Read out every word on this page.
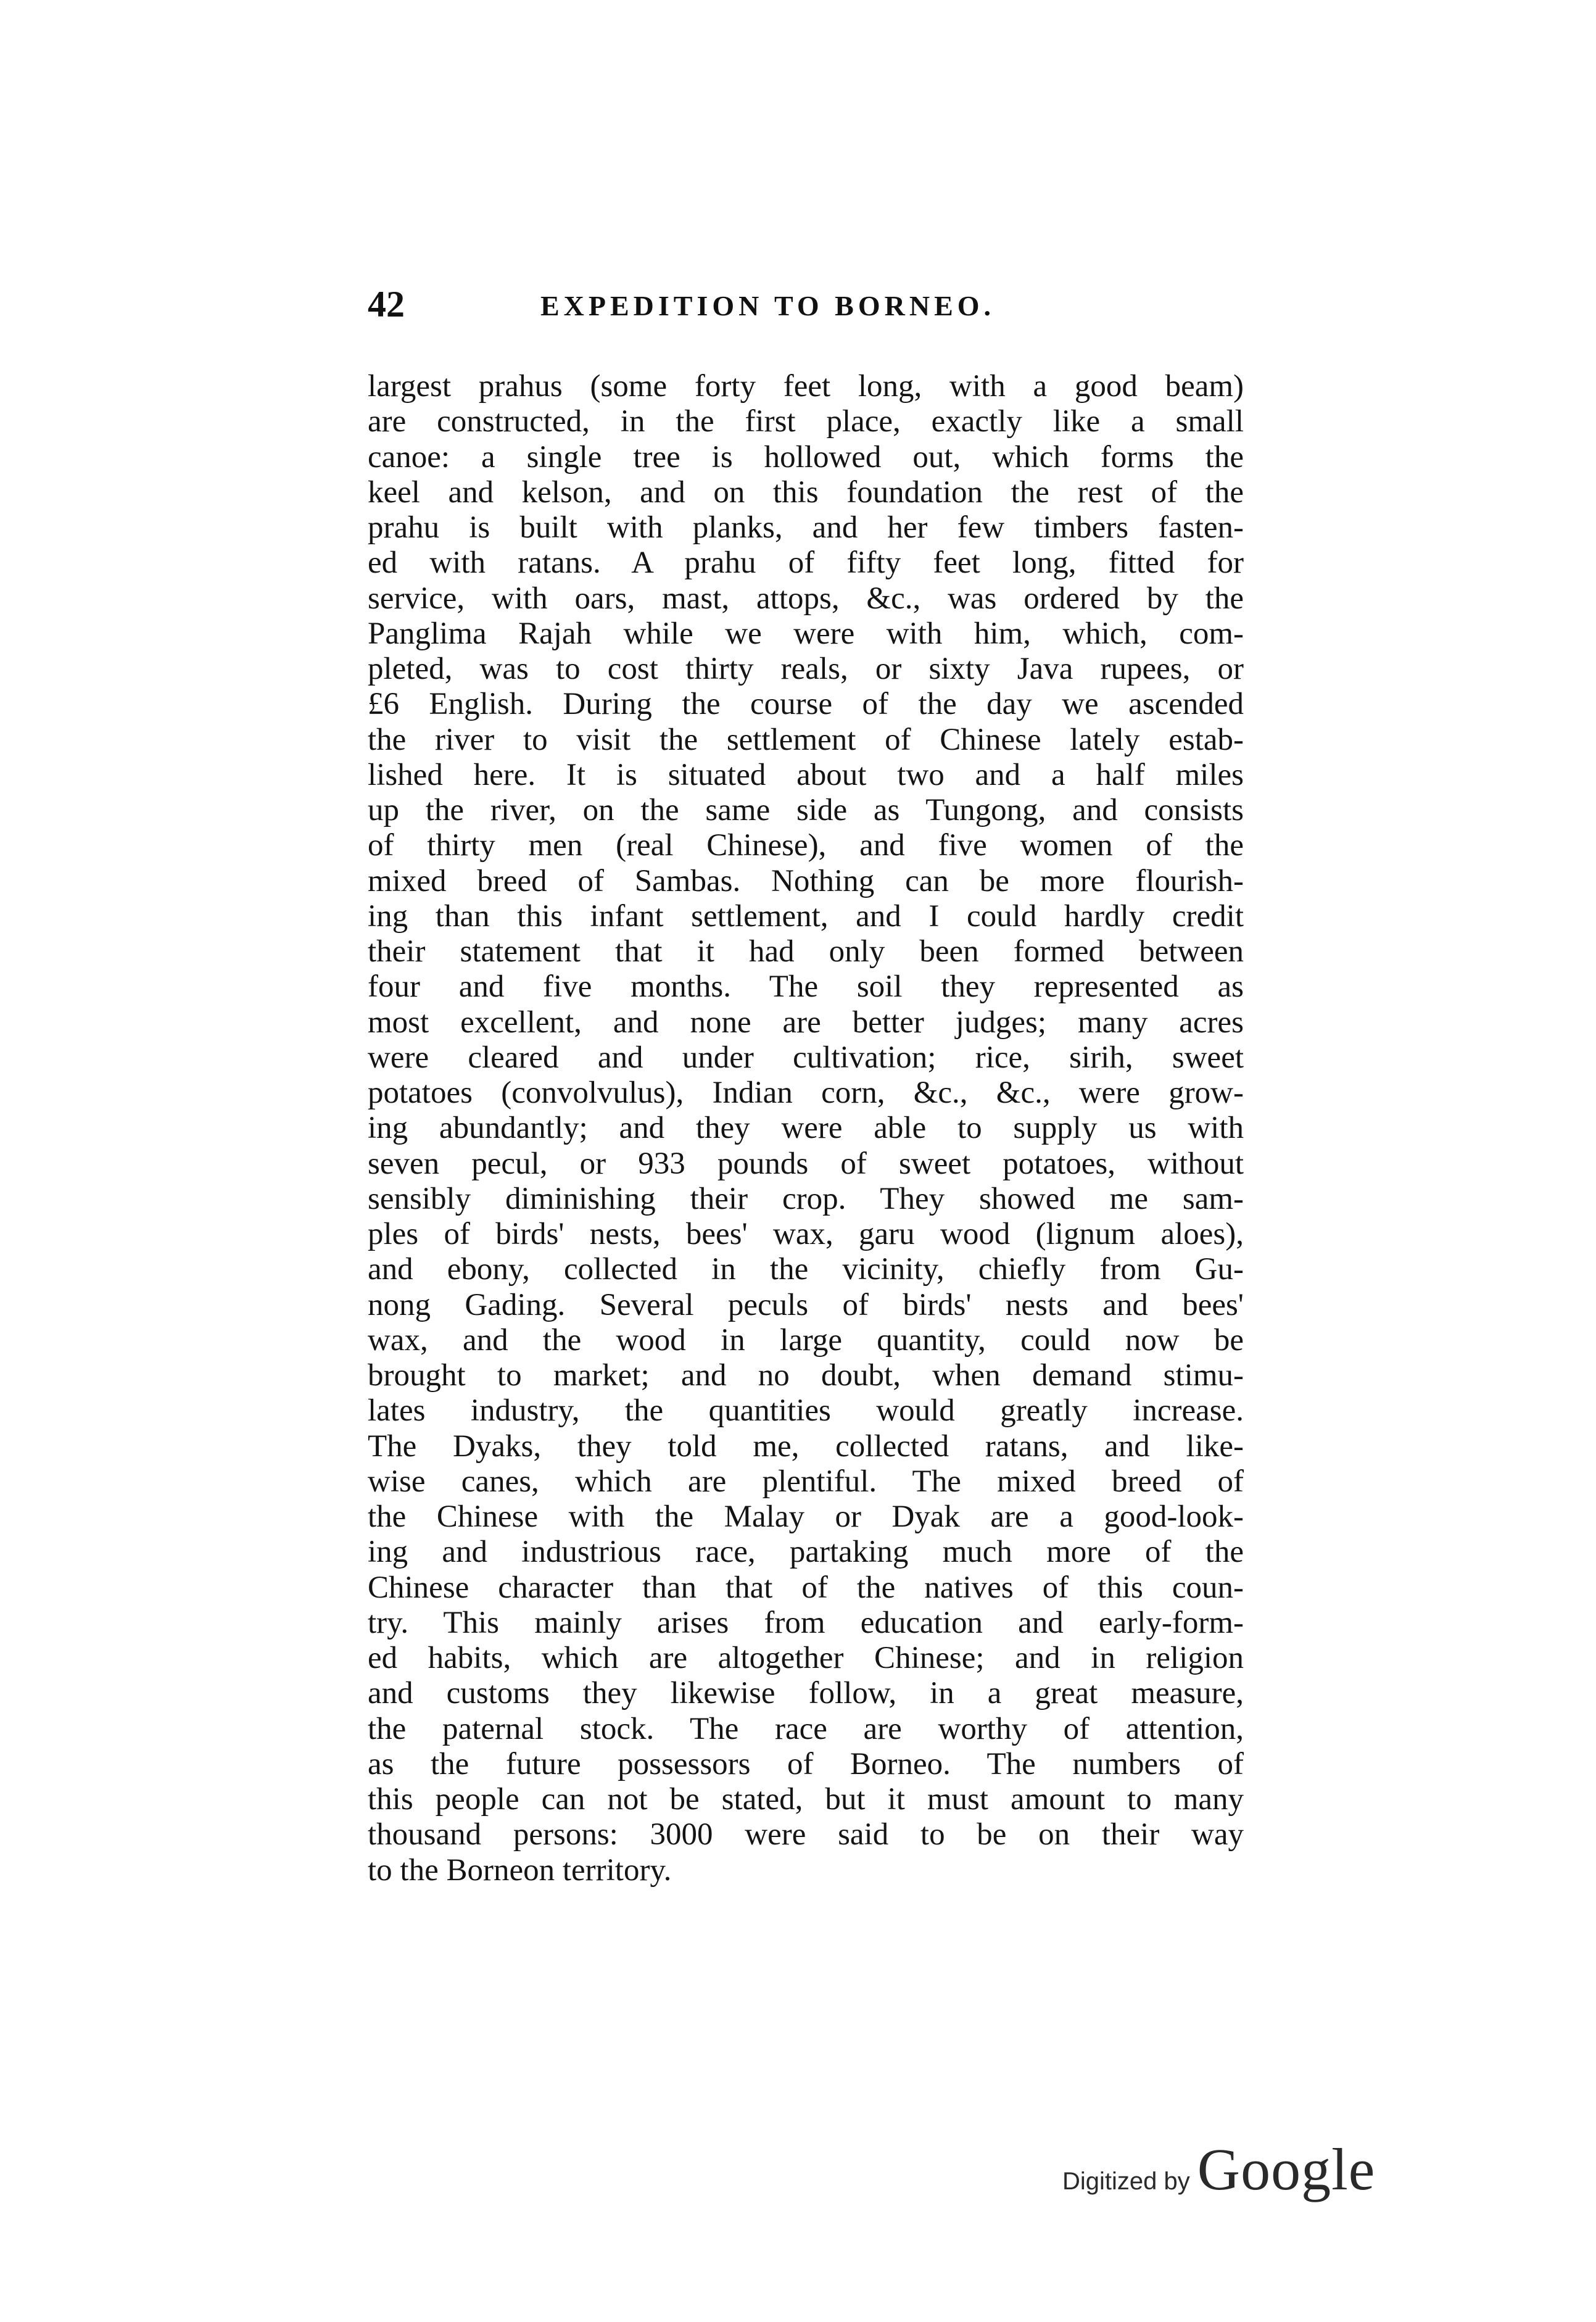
42	EXPEDITION TO BORNEO.
largest prahus (some forty feet long, with a good beam)
are constructed, in the first place, exactly like a small
canoe: a single tree is hollowed out, which forms the
keel and kelson, and on this foundation the rest of the
prahu is built with planks, and her few timbers fasten-
ed with ratans. A prahu of fifty feet long, fitted for
service, with oars, mast, attops, &c., was ordered by the
Panglima Rajah while we were with him, which, com-
pleted, was to cost thirty reals, or sixty Java rupees, or
£6 English. During the course of the day we ascended
the river to visit the settlement of Chinese lately estab-
lished here. It is situated about two and a half miles
up the river, on the same side as Tungong, and consists
of thirty men (real Chinese), and five women of the
mixed breed of Sambas. Nothing can be more flourish-
ing than this infant settlement, and I could hardly credit
their statement that it had only been formed between
four and five months. The soil they represented as
most excellent, and none are better judges; many acres
were cleared and under cultivation; rice, sirih, sweet
potatoes (convolvulus), Indian corn, &c., &c., were grow-
ing abundantly; and they were able to supply us with
seven pecul, or 933 pounds of sweet potatoes, without
sensibly diminishing their crop. They showed me sam-
ples of birds' nests, bees' wax, garu wood (lignum aloes),
and ebony, collected in the vicinity, chiefly from Gu-
nong Gading. Several peculs of birds' nests and bees'
wax, and the wood in large quantity, could now be
brought to market; and no doubt, when demand stimu-
lates industry, the quantities would greatly increase.
The Dyaks, they told me, collected ratans, and like-
wise canes, which are plentiful. The mixed breed of
the Chinese with the Malay or Dyak are a good-look-
ing and industrious race, partaking much more of the
Chinese character than that of the natives of this coun-
try. This mainly arises from education and early-form-
ed habits, which are altogether Chinese; and in religion
and customs they likewise follow, in a great measure,
the paternal stock. The race are worthy of attention,
as the future possessors of Borneo. The numbers of
this people can not be stated, but it must amount to many
thousand persons: 3000 were said to be on their way
to the Borneon territory.
Digitized by Google
